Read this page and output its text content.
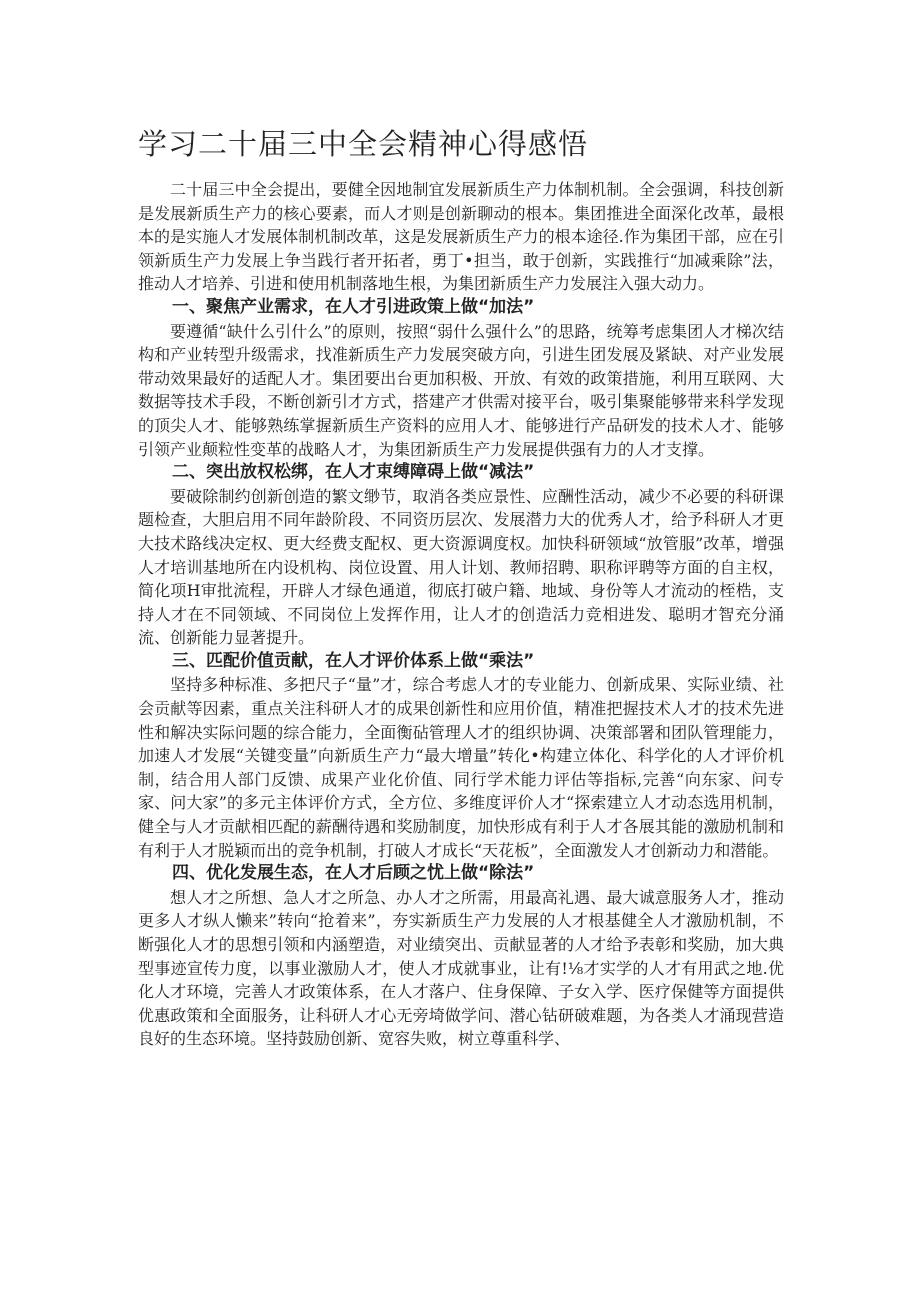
学习二十届三中全会精神心得感悟

二十届三中全会提出，要健全因地制宜发展新质生产力体制机制。全会强调，科技创新是发展新质生产力的核心要素，而人才则是创新聊动的根本。集团推进全面深化改革，最根本的是实施人才发展体制机制改革，这是发展新质生产力的根本途径.作为集团干部，应在引领新质生产力发展上争当践行者开拓者，勇丁•担当，敢于创新，实践推行“加减乘除”法，推动人才培养、引进和使用机制落地生根，为集团新质生产力发展注入强大动力。

一、聚焦产业需求，在人才引进政策上做“加法”

要遵循“缺什么引什么”的原则，按照“弱什么强什么”的思路，统筹考虑集团人才梯次结构和产业转型升级需求，找准新质生产力发展突破方向，引进生团发展及紧缺、对产业发展带动效果最好的适配人才。集团要出台更加积极、开放、有效的政策措施，利用互联网、大数据等技术手段，不断创新引才方式，搭建产才供需对接平台，吸引集聚能够带来科学发现的顶尖人才、能够熟练掌握新质生产资料的应用人才、能够进行产品研发的技术人才、能够引领产业颠粒性变革的战略人才，为集团新质生产力发展提供强有力的人才支撑。

二、突出放权松绑，在人才束缚障碍上做“减法”

要破除制约创新创造的繁文缈节，取消各类应景性、应酬性活动，减少不必要的科研课题检查，大胆启用不同年龄阶段、不同资历层次、发展潜力大的优秀人才，给予科研人才更大技术路线决定权、更大经费支配权、更大资源调度权。加快科研领域“放管服”改革，增强人才培训基地所在内设机构、岗位设置、用人计划、教师招聘、职称评聘等方面的自主权，简化项H审批流程，开辟人才绿色通道，彻底打破户籍、地域、身份等人才流动的桎梏，支持人才在不同领域、不同岗位上发挥作用，让人才的创造活力竞相进发、聪明才智充分涌流、创新能力显著提升。

三、匹配价值贡献，在人才评价体系上做“乘法”

坚持多种标准、多把尺子“量”才，综合考虑人才的专业能力、创新成果、实际业绩、社会贡献等因素，重点关注科研人才的成果创新性和应用价值，精准把握技术人才的技术先进性和解决实际问题的综合能力，全面衡砧管理人才的组织协调、决策部署和团队管理能力，加速人才发展“关键变量”向新质生产力“最大增量”转化•构建立体化、科学化的人才评价机制，结合用人部门反馈、成果产业化价值、同行学术能力评估等指标,完善“向东家、问专家、问大家”的多元主体评价方式，全方位、多维度评价人才“探索建立人才动态选用机制，健全与人才贡献相匹配的薪酬待遇和奖励制度，加快形成有利于人才各展其能的激励机制和有利于人才脱颖而出的竞争机制，打破人才成长“天花板”，全面激发人才创新动力和潜能。

四、优化发展生态，在人才后顾之忧上做“除法”

想人才之所想、急人才之所急、办人才之所需，用最高礼遇、最大诚意服务人才，推动更多人才纵人懒来”转向“抢着来”，夯实新质生产力发展的人才根基健全人才激励机制，不断强化人才的思想引领和内涵塑造，对业绩突出、贡献显著的人才给予表彰和奖励，加大典型事迹宣传力度，以事业激励人才，使人才成就事业，让有!⅛才实学的人才有用武之地.优化人才环境，完善人才政策体系，在人才落户、住身保障、子女入学、医疗保健等方面提供优惠政策和全面服务，让科研人才心无旁埼做学问、潜心钻研破难题，为各类人才涌现营造良好的生态环境。坚持鼓励创新、宽容失败，树立尊重科学、
